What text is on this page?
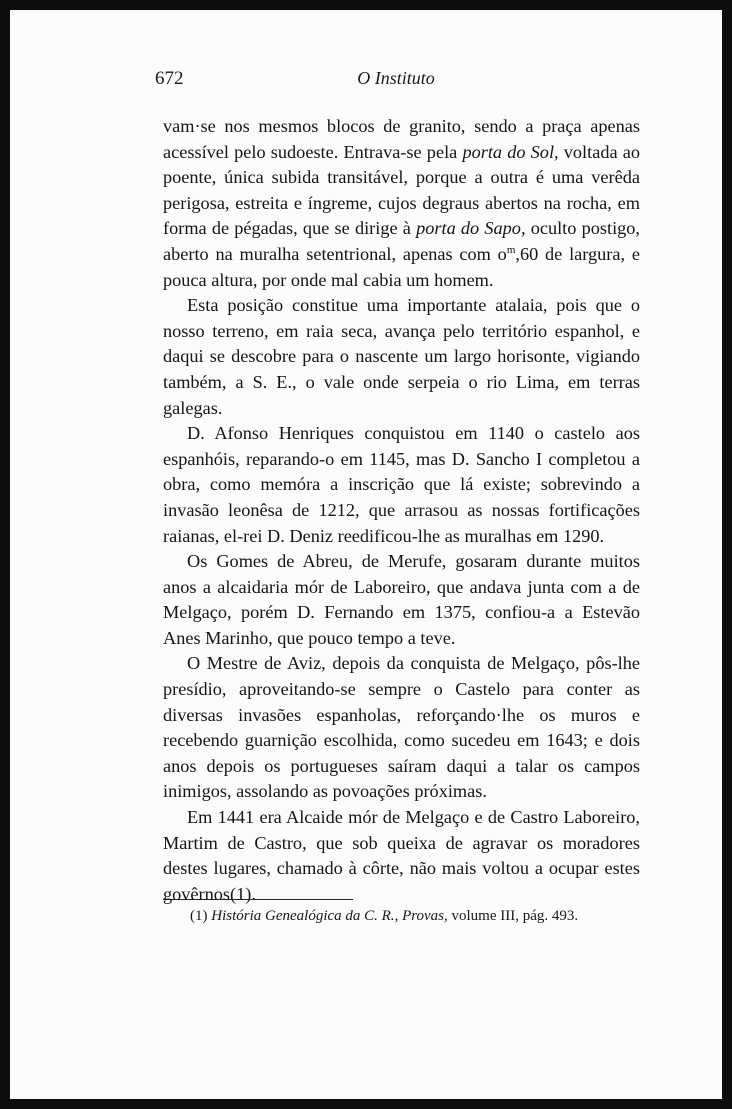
672	O Instituto

vam·se nos mesmos blocos de granito, sendo a praça apenas acessível pelo sudoeste. Entrava-se pela porta do Sol, voltada ao poente, única subida transitável, porque a outra é uma verêda perigosa, estreita e íngreme, cujos degraus abertos na rocha, em forma de pégadas, que se dirige à porta do Sapo, oculto postigo, aberto na muralha setentrional, apenas com $o^m,60$ de largura, e pouca altura, por onde mal cabia um homem.

Esta posição constitue uma importante atalaia, pois que o nosso terreno, em raia seca, avança pelo território espanhol, e daqui se descobre para o nascente um largo horisonte, vigiando também, a S. E., o vale onde serpeia o rio Lima, em terras galegas.

D. Afonso Henriques conquistou em 1140 o castelo aos espanhóis, reparando-o em 1145, mas D. Sancho I completou a obra, como memóra a inscrição que lá existe; sobrevindo a invasão leonêsa de 1212, que arrasou as nossas fortificações raianas, el-rei D. Deniz reedificou-lhe as muralhas em 1290.

Os Gomes de Abreu, de Merufe, gosaram durante muitos anos a alcaidaria mór de Laboreiro, que andava junta com a de Melgaço, porém D. Fernando em 1375, confiou-a a Estevão Anes Marinho, que pouco tempo a teve.

O Mestre de Aviz, depois da conquista de Melgaço, pôs-lhe presídio, aproveitando-se sempre o Castelo para conter as diversas invasões espanholas, reforçando·lhe os muros e recebendo guarnição escolhida, como sucedeu em 1643; e dois anos depois os portugueses saíram daqui a talar os campos inimigos, assolando as povoações próximas.

Em 1441 era Alcaide mór de Melgaço e de Castro Laboreiro, Martim de Castro, que sob queixa de agravar os moradores destes lugares, chamado à côrte, não mais voltou a ocupar estes govêrnos(1).

(1) História Genealógica da C. R., Provas, volume III, pág. 493.
